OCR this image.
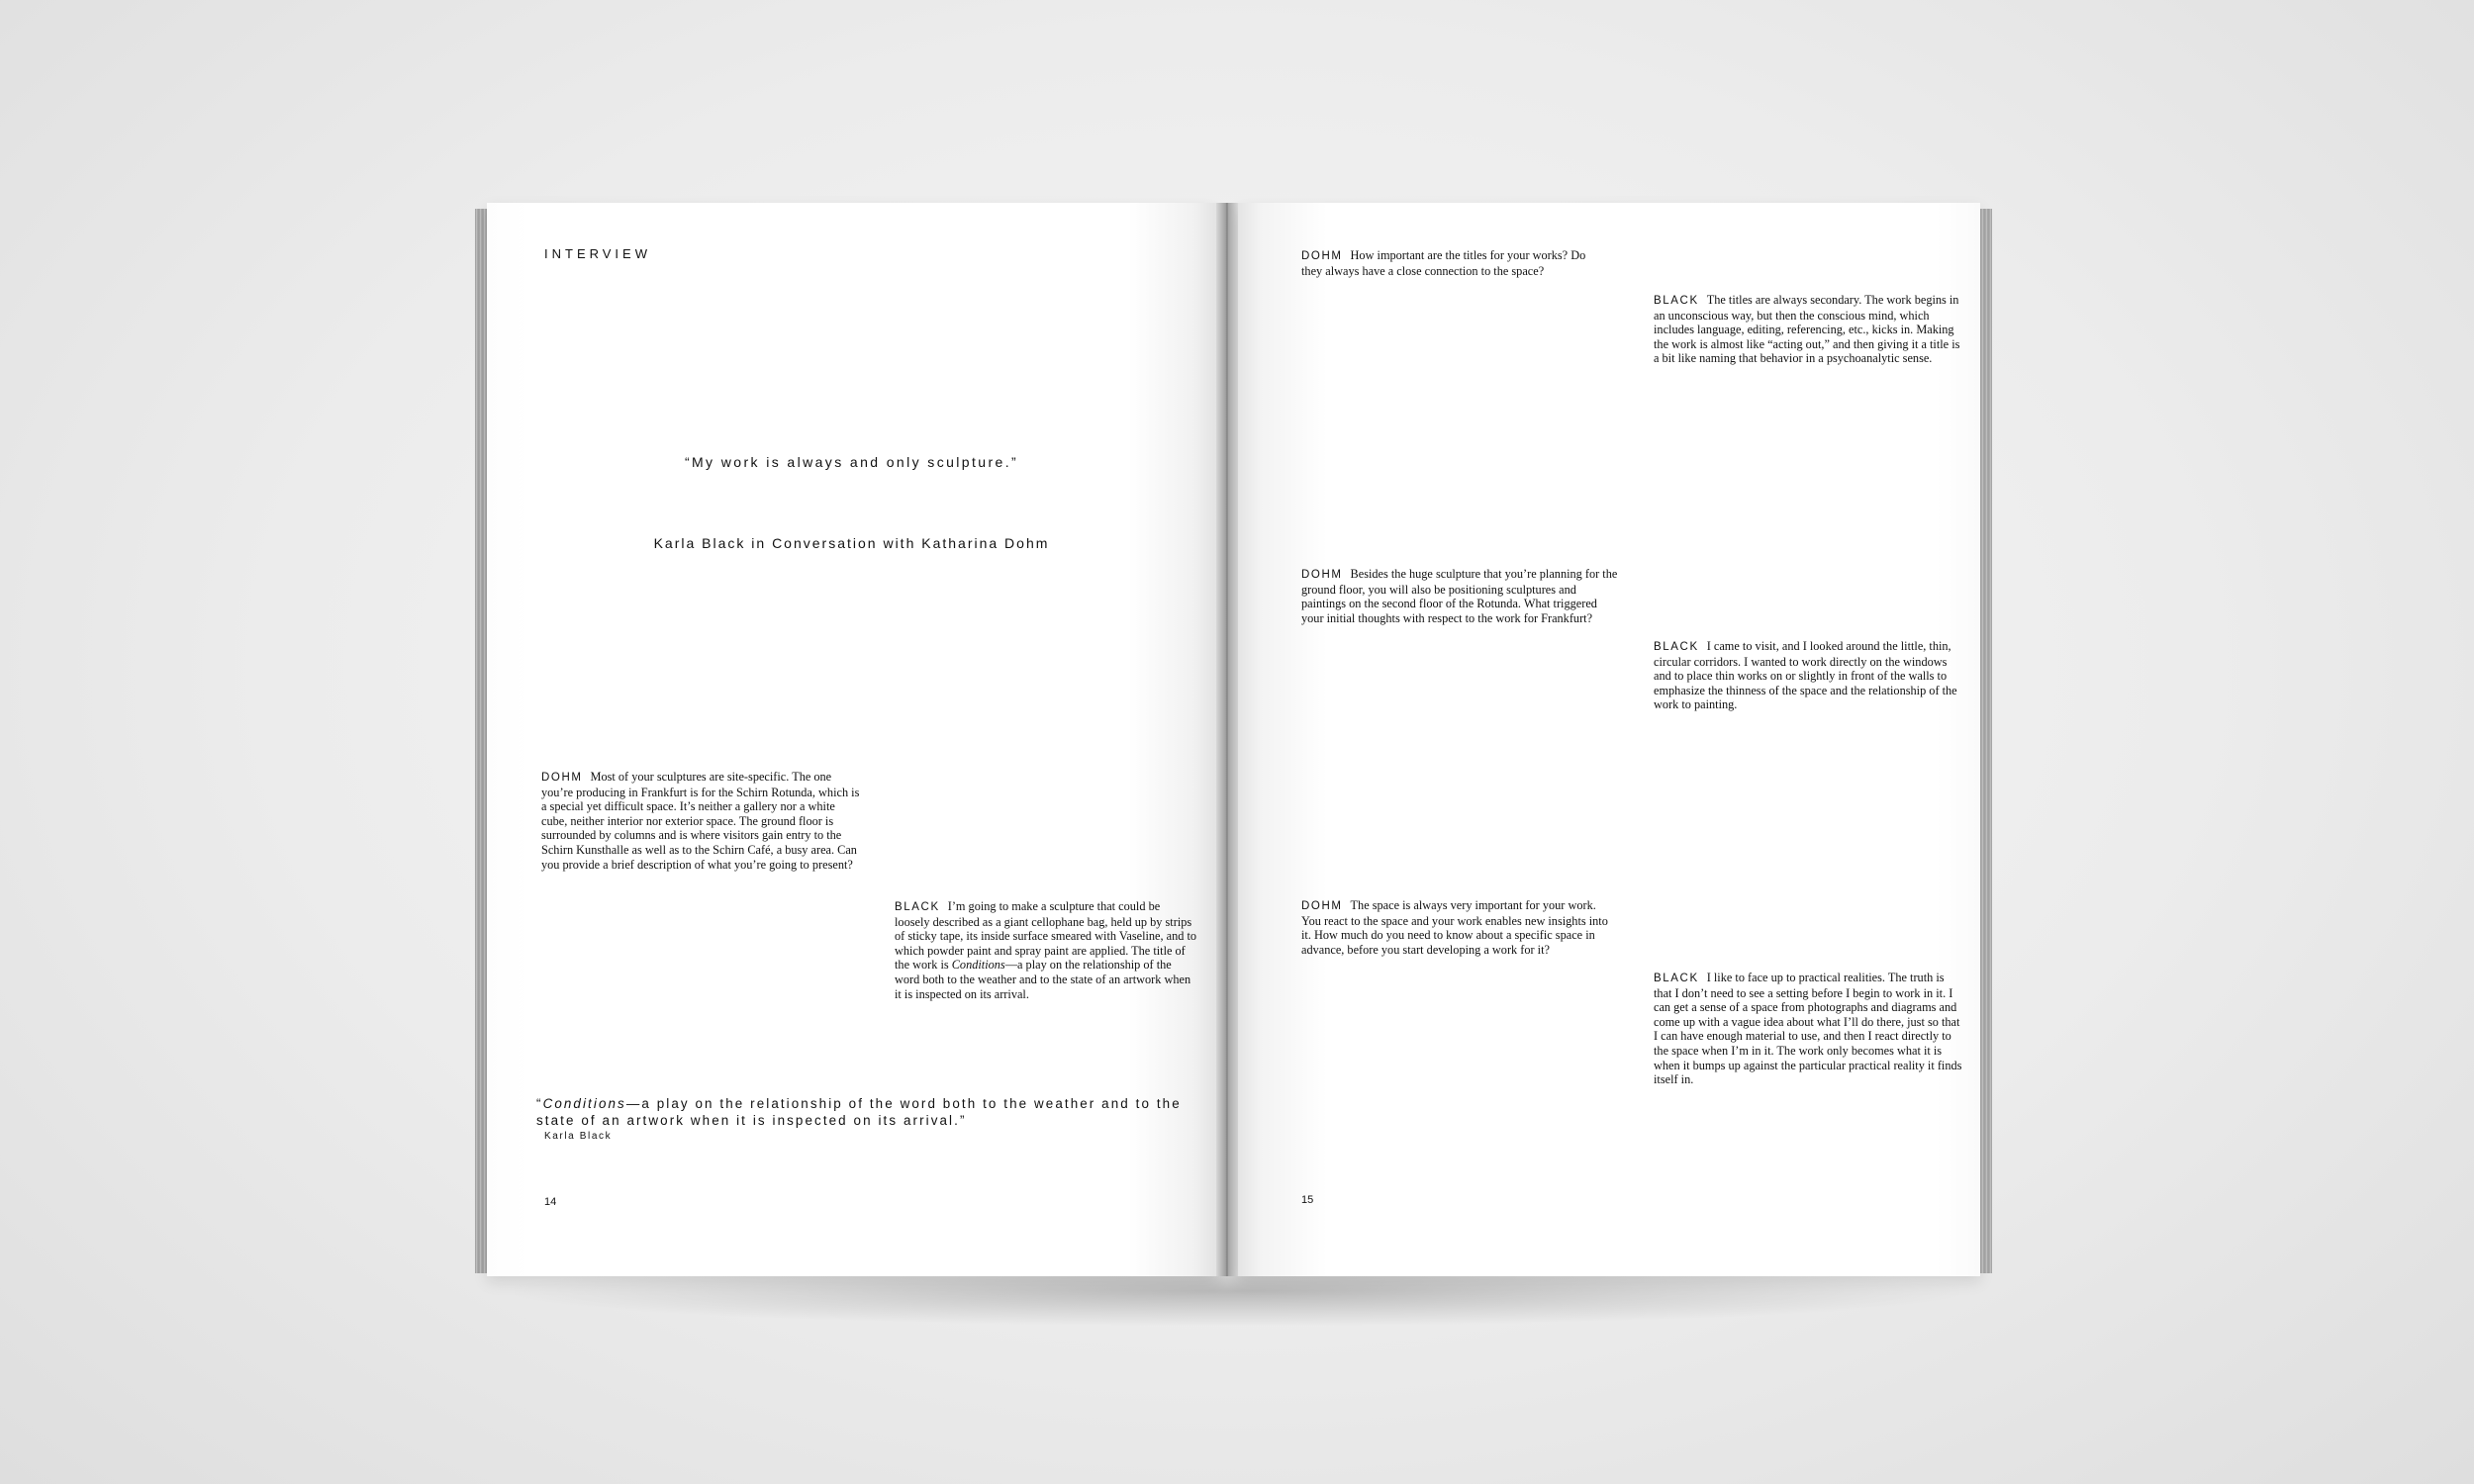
INTERVIEW
“My work is always and only sculpture.”
Karla Black in Conversation with Katharina Dohm
DOHM Most of your sculptures are site-specific. The one you’re producing in Frankfurt is for the Schirn Rotunda, which is a special yet difficult space. It’s neither a gallery nor a white cube, neither interior nor exterior space. The ground floor is surrounded by columns and is where visitors gain entry to the Schirn Kunsthalle as well as to the Schirn Café, a busy area. Can you provide a brief description of what you’re going to present?
BLACK I’m going to make a sculpture that could be loosely described as a giant cellophane bag, held up by strips of sticky tape, its inside surface smeared with Vaseline, and to which powder paint and spray paint are applied. The title of the work is Conditions—a play on the relationship of the word both to the weather and to the state of an artwork when it is inspected on its arrival.
“Conditions—a play on the relationship of the word both to the weather and to the state of an artwork when it is inspected on its arrival.”
Karla Black
14
DOHM How important are the titles for your works? Do they always have a close connection to the space?
BLACK The titles are always secondary. The work begins in an unconscious way, but then the conscious mind, which includes language, editing, referencing, etc., kicks in. Making the work is almost like “acting out,” and then giving it a title is a bit like naming that behavior in a psychoanalytic sense.
DOHM Besides the huge sculpture that you’re planning for the ground floor, you will also be positioning sculptures and paintings on the second floor of the Rotunda. What triggered your initial thoughts with respect to the work for Frankfurt?
BLACK I came to visit, and I looked around the little, thin, circular corridors. I wanted to work directly on the windows and to place thin works on or slightly in front of the walls to emphasize the thinness of the space and the relationship of the work to painting.
DOHM The space is always very important for your work. You react to the space and your work enables new insights into it. How much do you need to know about a specific space in advance, before you start developing a work for it?
BLACK I like to face up to practical realities. The truth is that I don’t need to see a setting before I begin to work in it. I can get a sense of a space from photographs and diagrams and come up with a vague idea about what I’ll do there, just so that I can have enough material to use, and then I react directly to the space when I’m in it. The work only becomes what it is when it bumps up against the particular practical reality it finds itself in.
15
